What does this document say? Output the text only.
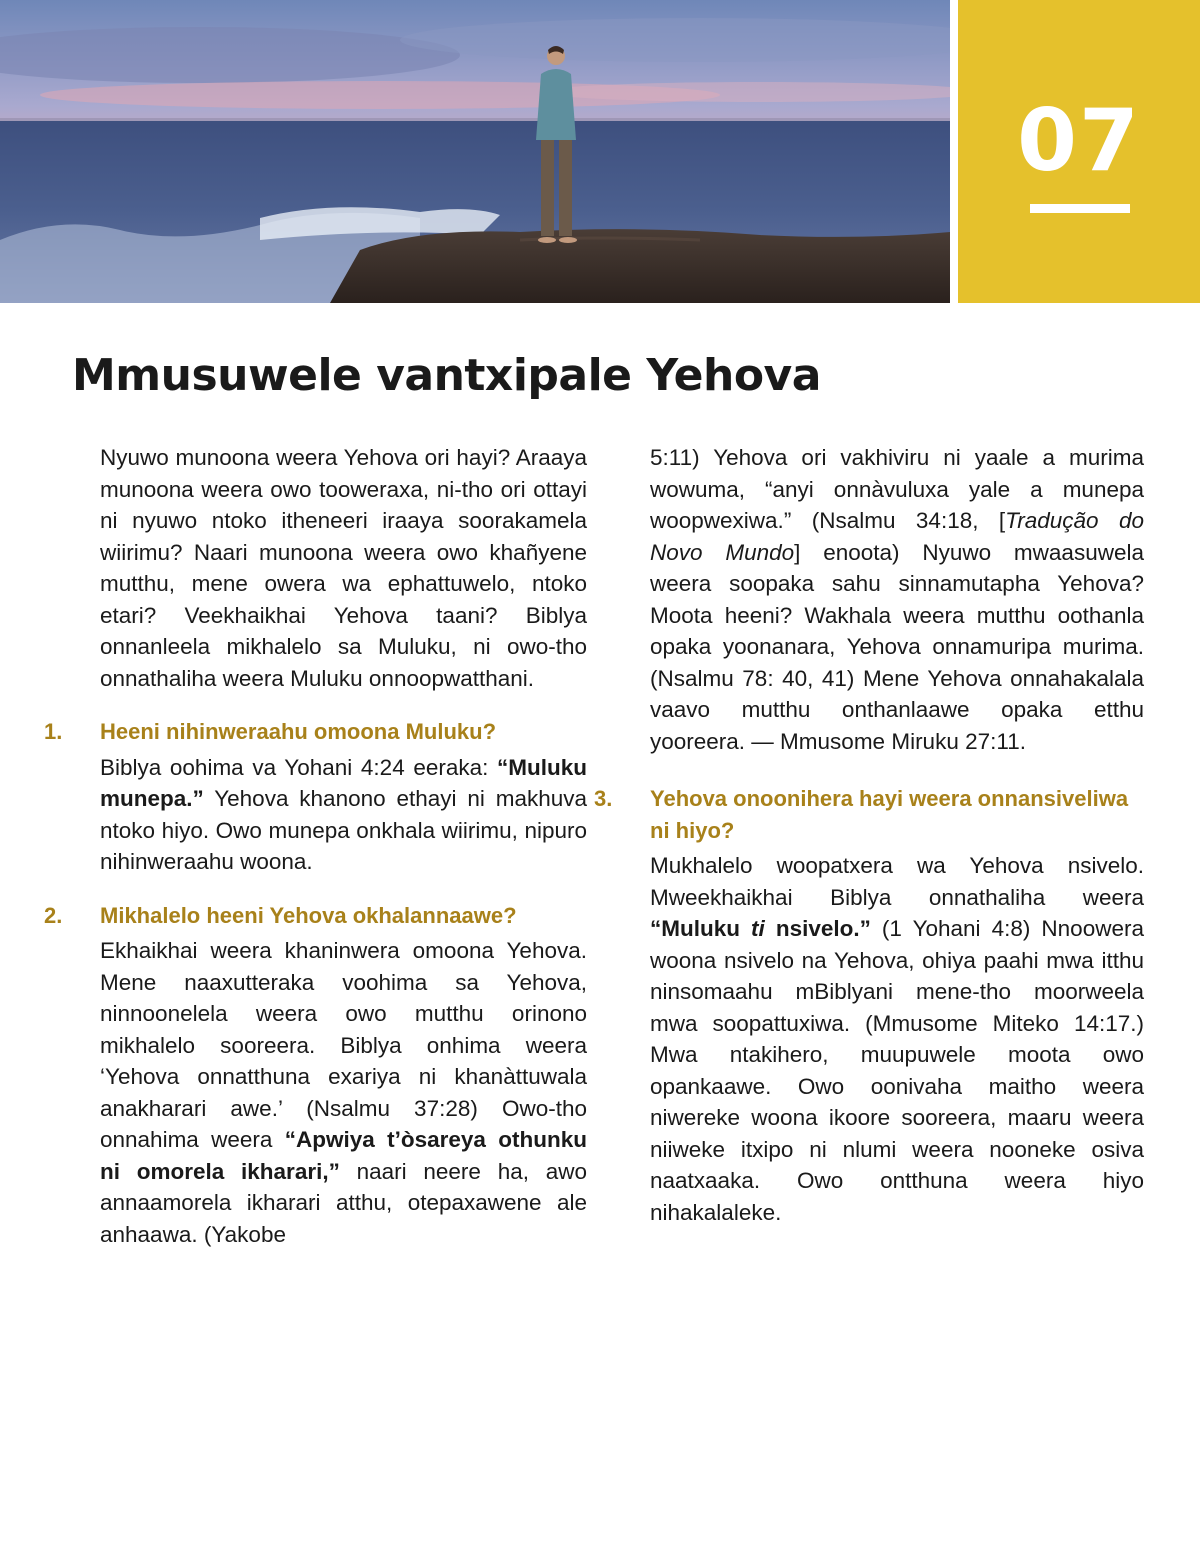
07
Mmusuwele vantxipale Yehova

Nyuwo munoona weera Yehova ori hayi? Araaya munoona weera owo tooweraxa, ni-tho ori ottayi ni nyuwo ntoko itheneeri iraaya soorakamela wiirimu? Naari munoona weera owo khañyene mutthu, mene owera wa ephattuwelo, ntoko etari? Veekhaikhai Yehova taani? Biblya onnanleela mikhalelo sa Muluku, ni owo-tho onnathaliha weera Muluku onnoopwatthani.

1. Heeni nihinweraahu omoona Muluku?

Biblya oohima va Yohani 4:24 eeraka: “Muluku munepa.” Yehova khanono ethayi ni makhuva ntoko hiyo. Owo munepa onkhala wiirimu, nipuro nihinweraahu woona.

2. Mikhalelo heeni Yehova okhalannaawe?

Ekhaikhai weera khaninwera omoona Yehova. Mene naaxutteraka voohima sa Yehova, ninnoonelela weera owo mutthu orinono mikhalelo sooreera. Biblya onhima weera ‘Yehova onnatthuna exariya ni khanàttuwala anakharari awe.’ (Nsalmu 37:28) Owo-tho onnahima weera “Apwiya t’òsareya othunku ni omorela ikharari,” naari neere ha, awo annaamorela ikharari atthu, otepaxawene ale anhaawa. (Yakobe

5:11) Yehova ori vakhiviru ni yaale a murima wowuma, “anyi onnàvuluxa yale a munepa woopwexiwa.” (Nsalmu 34:18, [Tradução do Novo Mundo] enoota) Nyuwo mwaasuwela weera soopaka sahu sinnamutapha Yehova? Moota heeni? Wakhala weera mutthu oothanla opaka yoonanara, Yehova onnamuripa murima. (Nsalmu 78: 40, 41) Mene Yehova onnahakalala vaavo mutthu onthanlaawe opaka etthu yooreera. — Mmusome Miruku 27:11.

3. Yehova onoonihera hayi weera onnansiveliwa ni hiyo?

Mukhalelo woopatxera wa Yehova nsivelo. Mweekhaikhai Biblya onnathaliha weera “Muluku ti nsivelo.” (1 Yohani 4:8) Nnoowera woona nsivelo na Yehova, ohiya paahi mwa itthu ninsomaahu mBiblyani mene-tho moorweela mwa soopattuxiwa. (Mmusome Miteko 14:17.) Mwa ntakihero, muupuwele moota owo opankaawe. Owo oonivaha maitho weera niwereke woona ikoore sooreera, maaru weera niiweke itxipo ni nlumi weera nooneke osiva naatxaaka. Owo ontthuna weera hiyo nihakalaleke.
